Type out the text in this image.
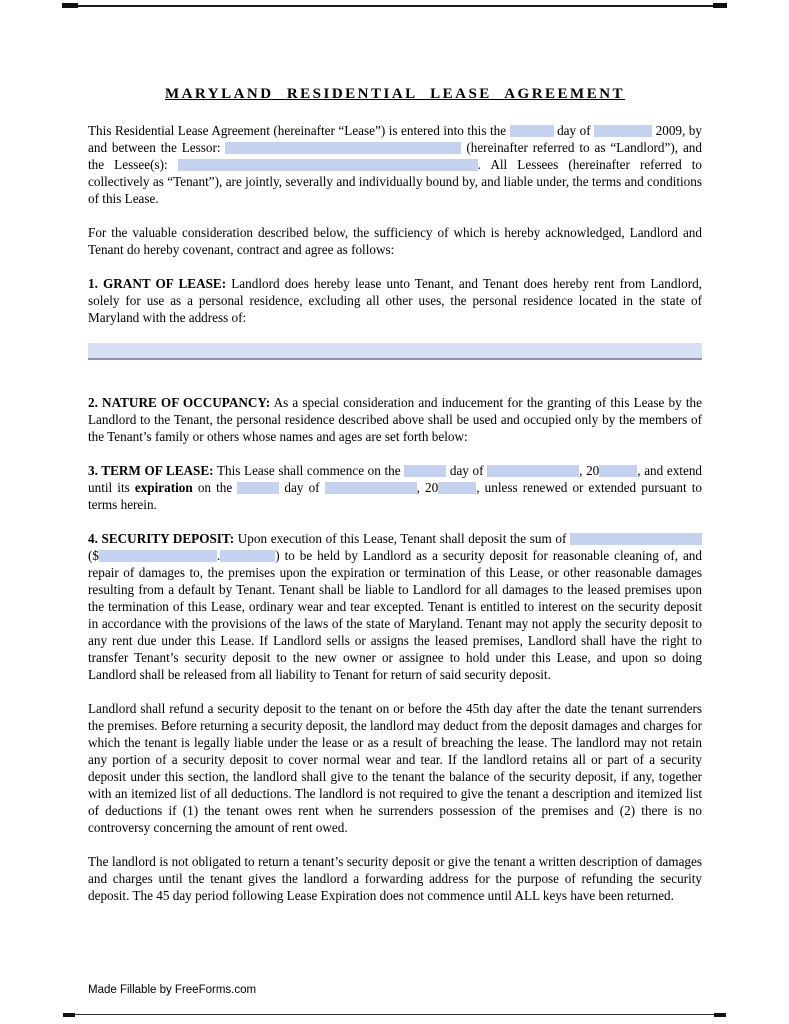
MARYLAND RESIDENTIAL LEASE AGREEMENT

This Residential Lease Agreement (hereinafter “Lease”) is entered into this the	day of	2009, by and between the Lessor:	(hereinafter referred to as “Landlord”), and the Lessee(s):	. All Lessees (hereinafter referred to collectively as “Tenant”), are jointly, severally and individually bound by, and liable under, the terms and conditions of this Lease.

For the valuable consideration described below, the sufficiency of which is hereby acknowledged, Landlord and Tenant do hereby covenant, contract and agree as follows:

1. GRANT OF LEASE: Landlord does hereby lease unto Tenant, and Tenant does hereby rent from Landlord, solely for use as a personal residence, excluding all other uses, the personal residence located in the state of Maryland with the address of:

2. NATURE OF OCCUPANCY: As a special consideration and inducement for the granting of this Lease by the Landlord to the Tenant, the personal residence described above shall be used and occupied only by the members of the Tenant’s family or others whose names and ages are set forth below:

3. TERM OF LEASE: This Lease shall commence on the	day of	, 20	, and extend until its expiration on the	day of	, 20	, unless renewed or extended pursuant to terms herein.

4. SECURITY DEPOSIT: Upon execution of this Lease, Tenant shall deposit the sum of  ($	.	) to be held by Landlord as a security deposit for reasonable cleaning of, and repair of damages to, the premises upon the expiration or termination of this Lease, or other reasonable damages resulting from a default by Tenant. Tenant shall be liable to Landlord for all damages to the leased premises upon the termination of this Lease, ordinary wear and tear excepted. Tenant is entitled to interest on the security deposit in accordance with the provisions of the laws of the state of Maryland. Tenant may not apply the security deposit to any rent due under this Lease. If Landlord sells or assigns the leased premises, Landlord shall have the right to transfer Tenant’s security deposit to the new owner or assignee to hold under this Lease, and upon so doing Landlord shall be released from all liability to Tenant for return of said security deposit.

Landlord shall refund a security deposit to the tenant on or before the 45th day after the date the tenant surrenders the premises. Before returning a security deposit, the landlord may deduct from the deposit damages and charges for which the tenant is legally liable under the lease or as a result of breaching the lease. The landlord may not retain any portion of a security deposit to cover normal wear and tear. If the landlord retains all or part of a security deposit under this section, the landlord shall give to the tenant the balance of the security deposit, if any, together with an itemized list of all deductions. The landlord is not required to give the tenant a description and itemized list of deductions if (1) the tenant owes rent when he surrenders possession of the premises and (2) there is no controversy concerning the amount of rent owed.

The landlord is not obligated to return a tenant’s security deposit or give the tenant a written description of damages and charges until the tenant gives the landlord a forwarding address for the purpose of refunding the security deposit. The 45 day period following Lease Expiration does not commence until ALL keys have been returned.

Made Fillable by FreeForms.com
